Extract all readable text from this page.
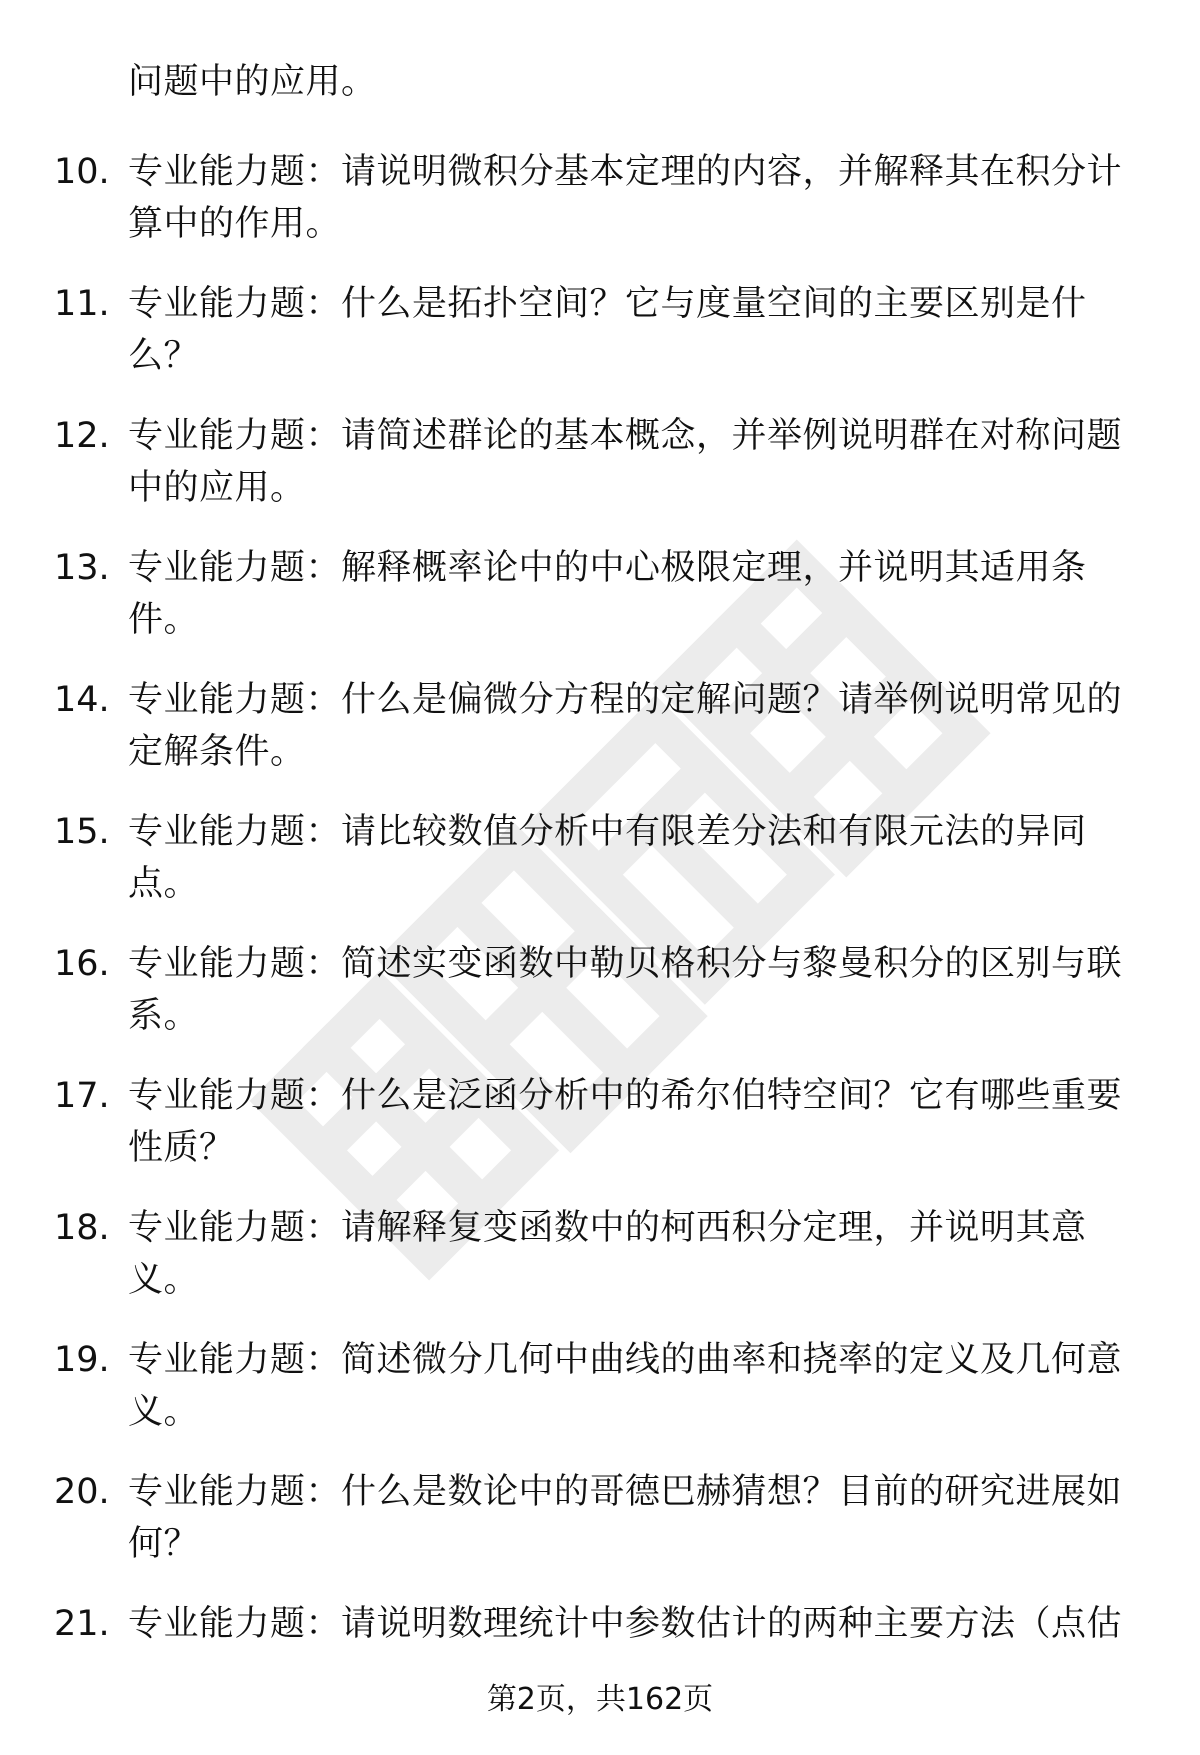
问题中的应用。
10. 专业能力题：请说明微积分基本定理的内容，并解释其在积分计算中的作用。
11. 专业能力题：什么是拓扑空间？它与度量空间的主要区别是什么？
12. 专业能力题：请简述群论的基本概念，并举例说明群在对称问题中的应用。
13. 专业能力题：解释概率论中的中心极限定理，并说明其适用条件。
14. 专业能力题：什么是偏微分方程的定解问题？请举例说明常见的定解条件。
15. 专业能力题：请比较数值分析中有限差分法和有限元法的异同点。
16. 专业能力题：简述实变函数中勒贝格积分与黎曼积分的区别与联系。
17. 专业能力题：什么是泛函分析中的希尔伯特空间？它有哪些重要性质？
18. 专业能力题：请解释复变函数中的柯西积分定理，并说明其意义。
19. 专业能力题：简述微分几何中曲线的曲率和挠率的定义及几何意义。
20. 专业能力题：什么是数论中的哥德巴赫猜想？目前的研究进展如何？
21. 专业能力题：请说明数理统计中参数估计的两种主要方法（点估
第2页，共162页
